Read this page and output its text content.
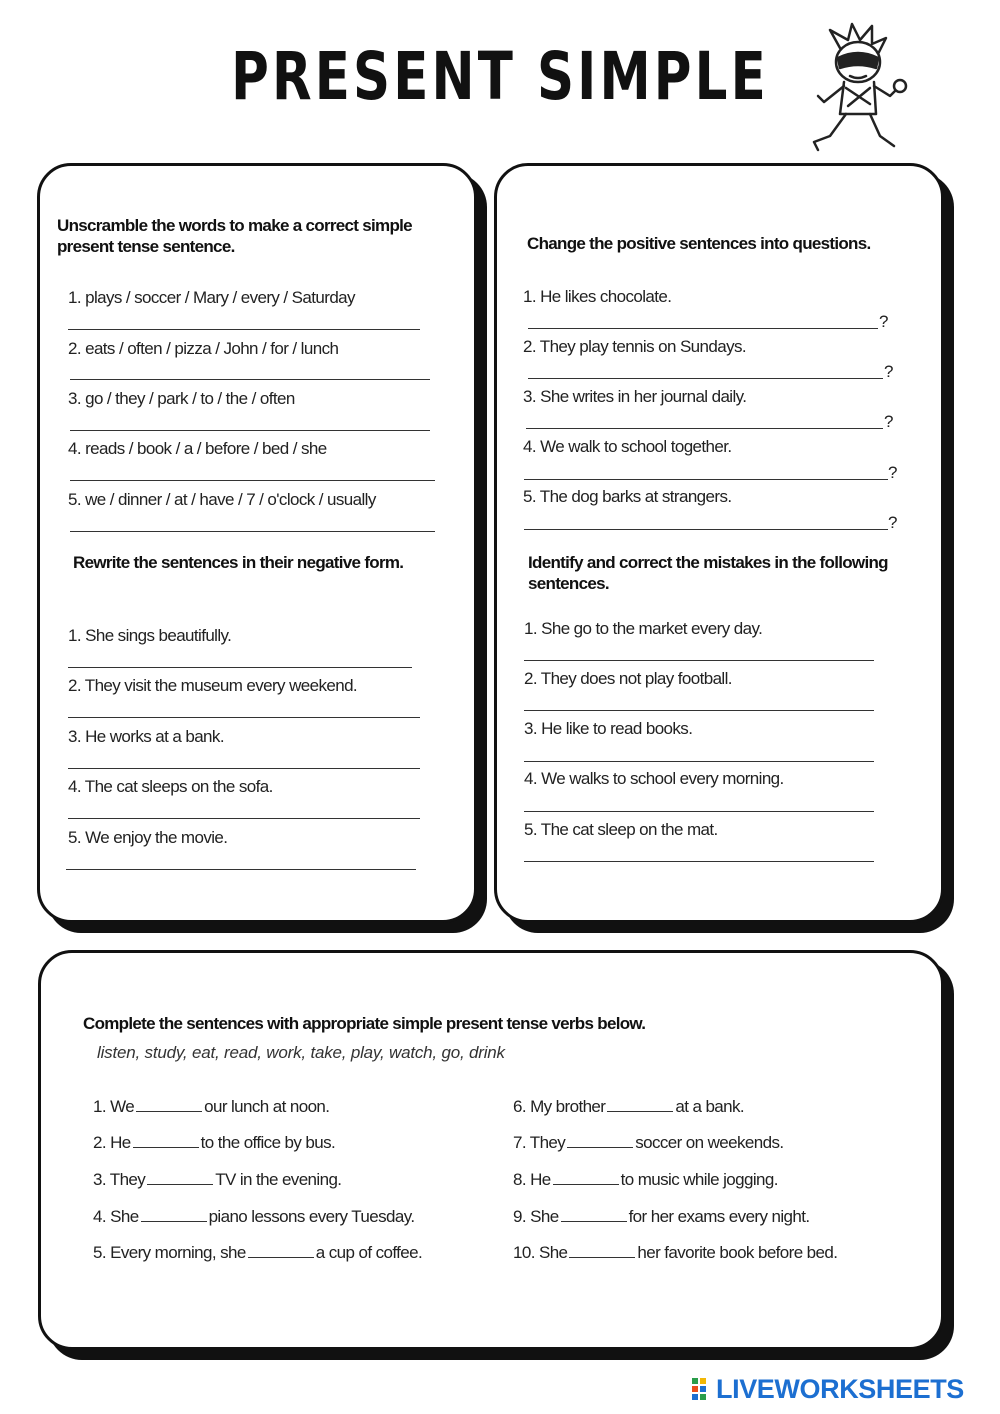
PRESENT SIMPLE
Unscramble the words to make a correct simple present tense sentence.
1. plays / soccer / Mary / every / Saturday
2. eats / often / pizza / John / for / lunch
3. go / they / park / to / the / often
4. reads / book / a / before / bed / she
5. we / dinner / at / have / 7 / o'clock / usually
Rewrite the sentences in their negative form.
1. She sings beautifully.
2. They visit the museum every weekend.
3. He works at a bank.
4. The cat sleeps on the sofa.
5. We enjoy the movie.
Change the positive sentences into questions.
1. He likes chocolate.
?
2. They play tennis on Sundays.
?
3. She writes in her journal daily.
?
4. We walk to school together.
?
5. The dog barks at strangers.
?
Identify and correct the mistakes in the following sentences.
1. She go to the market every day.
2. They does not play football.
3. He like to read books.
4. We walks to school every morning.
5. The cat sleep on the mat.
Complete the sentences with appropriate simple present tense verbs below.
listen, study, eat, read, work, take, play, watch, go, drink
1. We	our lunch at noon.
2. He	to the office by bus.
3. They	TV in the evening.
4. She	piano lessons every Tuesday.
5. Every morning, she	a cup of coffee.
6. My brother	at a bank.
7. They	soccer on weekends.
8. He	to music while jogging.
9. She	for her exams every night.
10. She	her favorite book before bed.
LIVEWORKSHEETS
